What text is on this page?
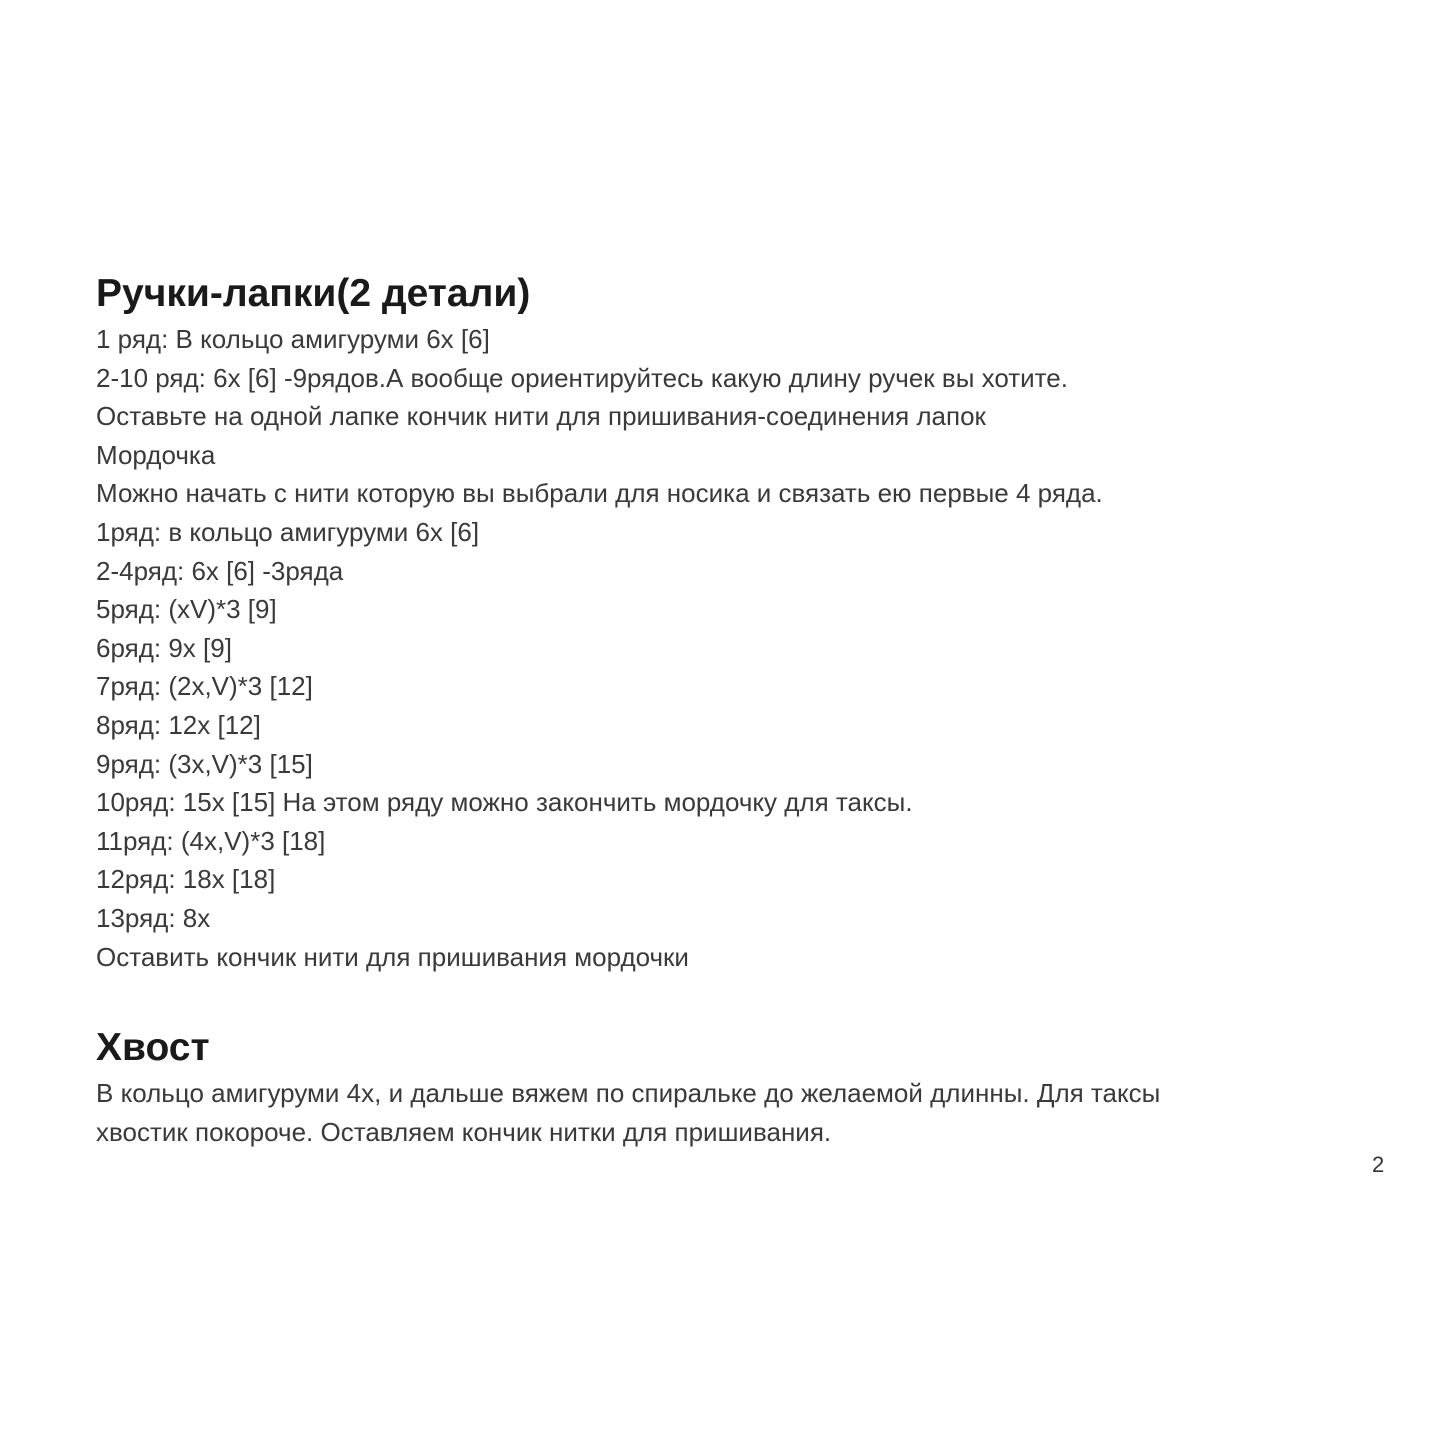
Ручки-лапки(2 детали)

1 ряд: В кольцо амигуруми 6х [6]

2-10 ряд: 6х [6] -9рядов.А вообще ориентируйтесь какую длину ручек вы хотите.

Оставьте на одной лапке кончик нити для пришивания-соединения лапок

Мордочка

Можно начать с нити которую вы выбрали для носика и связать ею первые 4 ряда.

1ряд: в кольцо амигуруми 6х [6]

2-4ряд: 6х [6] -3ряда

5ряд: (xV)*3 [9]

6ряд: 9х [9]

7ряд: (2x,V)*3 [12]

8ряд: 12х [12]

9ряд: (3x,V)*3 [15]

10ряд: 15х [15] На этом ряду можно закончить мордочку для таксы.

11ряд: (4x,V)*3 [18]

12ряд: 18х [18]

13ряд: 8х

Оставить кончик нити для пришивания мордочки

Хвост

В кольцо амигуруми 4х, и дальше вяжем по спиральке до желаемой длинны. Для таксы

хвостик покороче. Оставляем кончик нитки для пришивания.

2
